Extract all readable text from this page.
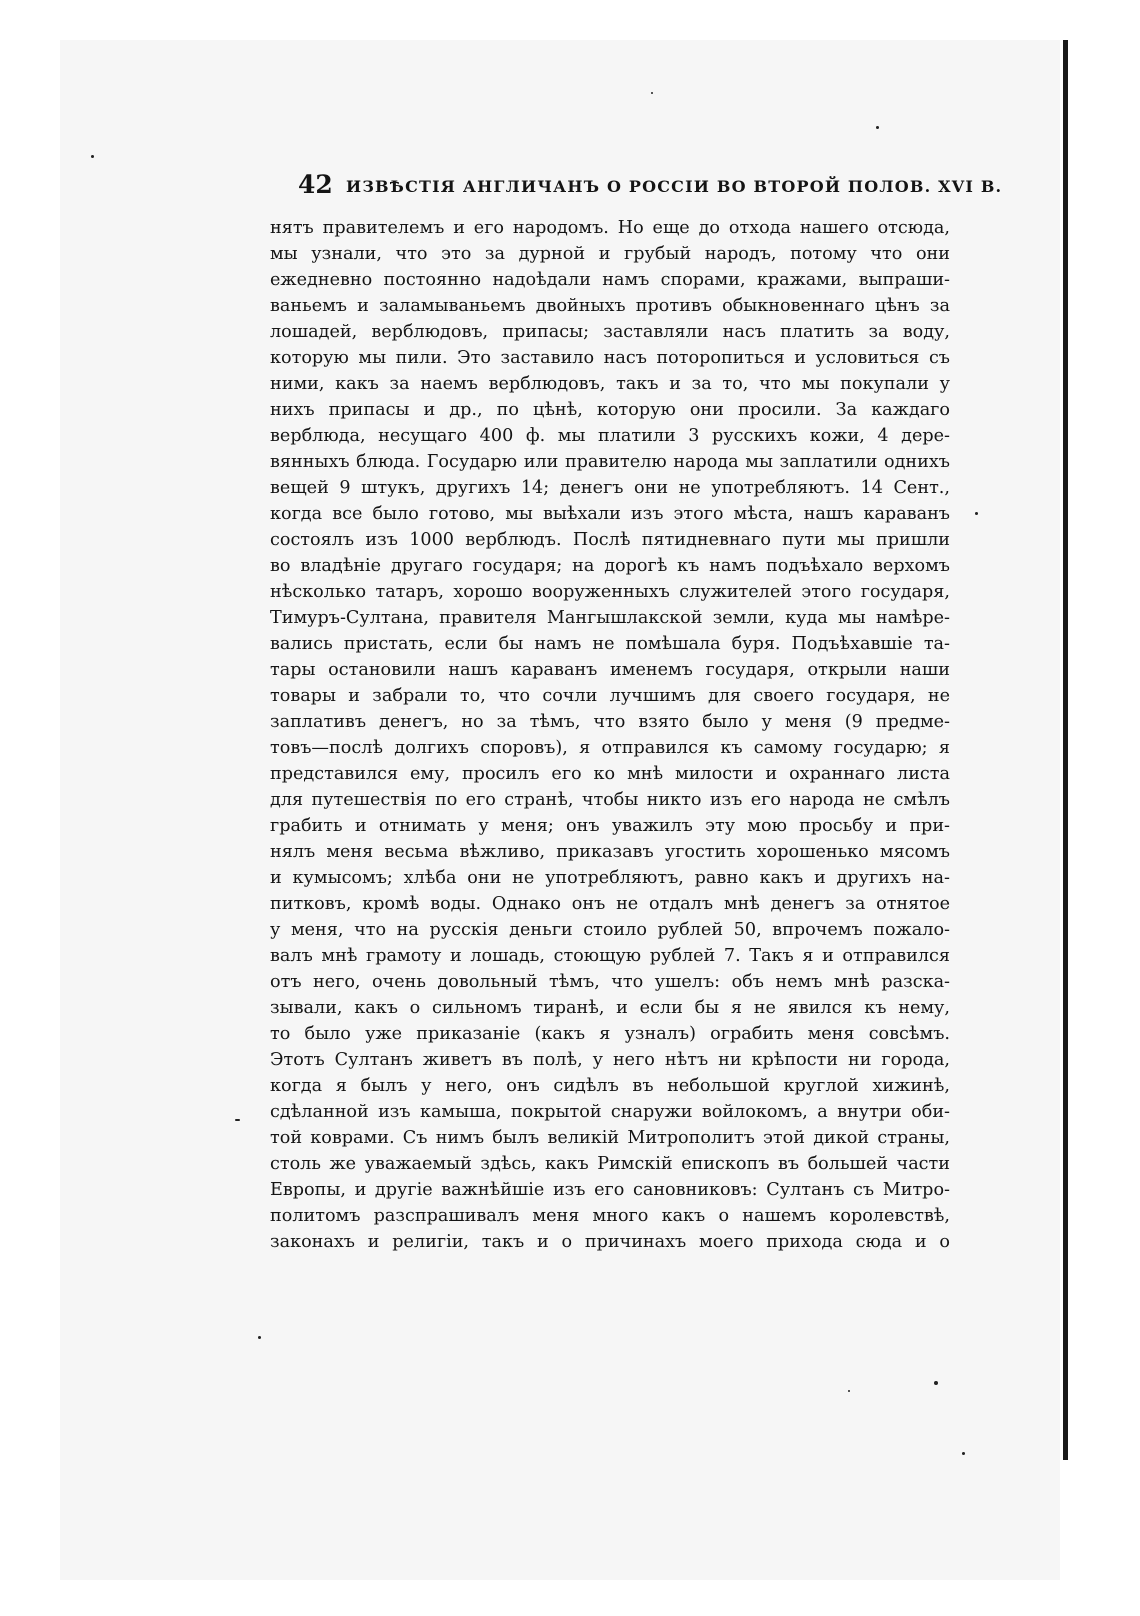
42 ИЗВѢСТІЯ АНГЛИЧАНЪ О РОССІИ ВО ВТОРОЙ ПОЛОВ. XVI В.
нятъ правителемъ и его народомъ. Но еще до отхода нашего отсюда,
мы узнали, что это за дурной и грубый народъ, потому что они
ежедневно постоянно надоѣдали намъ спорами, кражами, выпраши-
ваньемъ и заламываньемъ двойныхъ противъ обыкновеннаго цѣнъ за
лошадей, верблюдовъ, припасы; заставляли насъ платить за воду,
которую мы пили. Это заставило насъ поторопиться и условиться съ
ними, какъ за наемъ верблюдовъ, такъ и за то, что мы покупали у
нихъ припасы и др., по цѣнѣ, которую они просили. За каждаго
верблюда, несущаго 400 ф. мы платили 3 русскихъ кожи, 4 дере-
вянныхъ блюда. Государю или правителю народа мы заплатили однихъ
вещей 9 штукъ, другихъ 14; денегъ они не употребляютъ. 14 Сент.,
когда все было готово, мы выѣхали изъ этого мѣста, нашъ караванъ
состоялъ изъ 1000 верблюдъ. Послѣ пятидневнаго пути мы пришли
во владѣніе другаго государя; на дорогѣ къ намъ подъѣхало верхомъ
нѣсколько татаръ, хорошо вооруженныхъ служителей этого государя,
Тимуръ-Султана, правителя Мангышлакской земли, куда мы намѣре-
вались пристать, если бы намъ не помѣшала буря. Подъѣхавшіе та-
тары остановили нашъ караванъ именемъ государя, открыли наши
товары и забрали то, что сочли лучшимъ для своего государя, не
заплативъ денегъ, но за тѣмъ, что взято было у меня (9 предме-
товъ—послѣ долгихъ споровъ), я отправился къ самому государю; я
представился ему, просилъ его ко мнѣ милости и охраннаго листа
для путешествія по его странѣ, чтобы никто изъ его народа не смѣлъ
грабить и отнимать у меня; онъ уважилъ эту мою просьбу и при-
нялъ меня весьма вѣжливо, приказавъ угостить хорошенько мясомъ
и кумысомъ; хлѣба они не употребляютъ, равно какъ и другихъ на-
питковъ, кромѣ воды. Однако онъ не отдалъ мнѣ денегъ за отнятое
у меня, что на русскія деньги стоило рублей 50, впрочемъ пожало-
валъ мнѣ грамоту и лошадь, стоющую рублей 7. Такъ я и отправился
отъ него, очень довольный тѣмъ, что ушелъ: объ немъ мнѣ разска-
зывали, какъ о сильномъ тиранѣ, и если бы я не явился къ нему,
то было уже приказаніе (какъ я узналъ) ограбить меня совсѣмъ.
Этотъ Султанъ живетъ въ полѣ, у него нѣтъ ни крѣпости ни города,
когда я былъ у него, онъ сидѣлъ въ небольшой круглой хижинѣ,
сдѣланной изъ камыша, покрытой снаружи войлокомъ, а внутри оби-
той коврами. Съ нимъ былъ великій Митрополитъ этой дикой страны,
столь же уважаемый здѣсь, какъ Римскій епископъ въ большей части
Европы, и другіе важнѣйшіе изъ его сановниковъ: Султанъ съ Митро-
политомъ разспрашивалъ меня много какъ о нашемъ королевствѣ,
законахъ и религіи, такъ и о причинахъ моего прихода сюда и о
